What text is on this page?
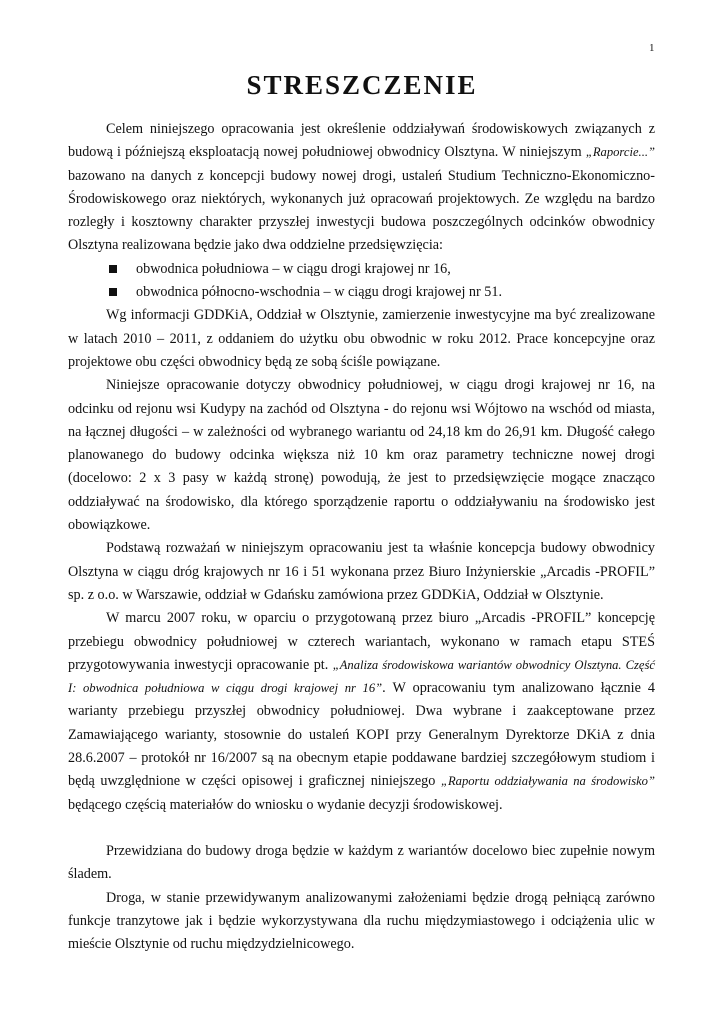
1
STRESZCZENIE

Celem niniejszego opracowania jest określenie oddziaływań środowiskowych związanych z budową i późniejszą eksploatacją nowej południowej obwodnicy Olsztyna. W niniejszym „Raporcie...” bazowano na danych z koncepcji budowy nowej drogi, ustaleń Studium Techniczno-Ekonomiczno-Środowiskowego oraz niektórych, wykonanych już opracowań projektowych. Ze względu na bardzo rozległy i kosztowny charakter przyszłej inwestycji budowa poszczególnych odcinków obwodnicy Olsztyna realizowana będzie jako dwa oddzielne przedsięwzięcia:

obwodnica południowa – w ciągu drogi krajowej nr 16,
obwodnica północno-wschodnia – w ciągu drogi krajowej nr 51.

Wg informacji GDDKiA, Oddział w Olsztynie, zamierzenie inwestycyjne ma być zrealizowane w latach 2010 – 2011, z oddaniem do użytku obu obwodnic w roku 2012. Prace koncepcyjne oraz projektowe obu części obwodnicy będą ze sobą ściśle powiązane.

Niniejsze opracowanie dotyczy obwodnicy południowej, w ciągu drogi krajowej nr 16, na odcinku od rejonu wsi Kudypy na zachód od Olsztyna - do rejonu wsi Wójtowo na wschód od miasta, na łącznej długości – w zależności od wybranego wariantu od 24,18 km do 26,91 km. Długość całego planowanego do budowy odcinka większa niż 10 km oraz parametry techniczne nowej drogi (docelowo: 2 x 3 pasy w każdą stronę) powodują, że jest to przedsięwzięcie mogące znacząco oddziaływać na środowisko, dla którego sporządzenie raportu o oddziaływaniu na środowisko jest obowiązkowe.

Podstawą rozważań w niniejszym opracowaniu jest ta właśnie koncepcja budowy obwodnicy Olsztyna w ciągu dróg krajowych nr 16 i 51 wykonana przez Biuro Inżynierskie „Arcadis -PROFIL” sp. z o.o. w Warszawie, oddział w Gdańsku zamówiona przez GDDKiA, Oddział w Olsztynie.

W marcu 2007 roku, w oparciu o przygotowaną przez biuro „Arcadis -PROFIL” koncepcję przebiegu obwodnicy południowej w czterech wariantach, wykonano w ramach etapu STEŚ przygotowywania inwestycji opracowanie pt. „Analiza środowiskowa wariantów obwodnicy Olsztyna. Część I: obwodnica południowa w ciągu drogi krajowej nr 16”. W opracowaniu tym analizowano łącznie 4 warianty przebiegu przyszłej obwodnicy południowej. Dwa wybrane i zaakceptowane przez Zamawiającego warianty, stosownie do ustaleń KOPI przy Generalnym Dyrektorze DKiA z dnia 28.6.2007 – protokół nr 16/2007 są na obecnym etapie poddawane bardziej szczegółowym studiom i będą uwzględnione w części opisowej i graficznej niniejszego „Raportu oddziaływania na środowisko” będącego częścią materiałów do wniosku o wydanie decyzji środowiskowej.

Przewidziana do budowy droga będzie w każdym z wariantów docelowo biec zupełnie nowym śladem.

Droga, w stanie przewidywanym analizowanymi założeniami będzie drogą pełniącą zarówno funkcje tranzytowe jak i będzie wykorzystywana dla ruchu międzymiastowego i odciążenia ulic w mieście Olsztynie od ruchu międzydzielnicowego.
